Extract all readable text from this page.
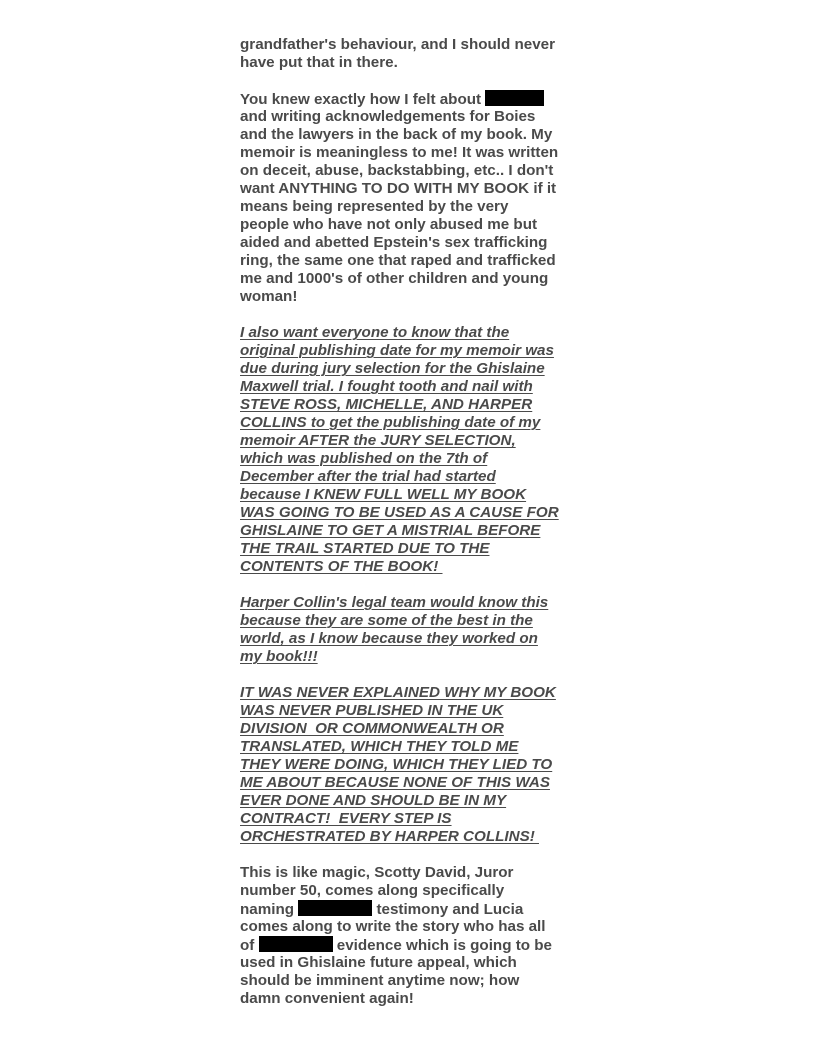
grandfather's behaviour, and I should never
have put that in there.
You knew exactly how I felt about
and writing acknowledgements for Boies
and the lawyers in the back of my book. My
memoir is meaningless to me! It was written
on deceit, abuse, backstabbing, etc.. I don't
want ANYTHING TO DO WITH MY BOOK if it
means being represented by the very
people who have not only abused me but
aided and abetted Epstein's sex trafficking
ring, the same one that raped and trafficked
me and 1000's of other children and young
woman!
I also want everyone to know that the
original publishing date for my memoir was
due during jury selection for the Ghislaine
Maxwell trial. I fought tooth and nail with
STEVE ROSS, MICHELLE, AND HARPER
COLLINS to get the publishing date of my
memoir AFTER the JURY SELECTION,
which was published on the 7th of
December after the trial had started
because I KNEW FULL WELL MY BOOK
WAS GOING TO BE USED AS A CAUSE FOR
GHISLAINE TO GET A MISTRIAL BEFORE
THE TRAIL STARTED DUE TO THE
CONTENTS OF THE BOOK!
Harper Collin's legal team would know this
because they are some of the best in the
world, as I know because they worked on
my book!!!
IT WAS NEVER EXPLAINED WHY MY BOOK
WAS NEVER PUBLISHED IN THE UK
DIVISION  OR COMMONWEALTH OR
TRANSLATED, WHICH THEY TOLD ME
THEY WERE DOING, WHICH THEY LIED TO
ME ABOUT BECAUSE NONE OF THIS WAS
EVER DONE AND SHOULD BE IN MY
CONTRACT!  EVERY STEP IS
ORCHESTRATED BY HARPER COLLINS!
This is like magic, Scotty David, Juror
number 50, comes along specifically
naming	testimony and Lucia
comes along to write the story who has all
of	evidence which is going to be
used in Ghislaine future appeal, which
should be imminent anytime now; how
damn convenient again!
